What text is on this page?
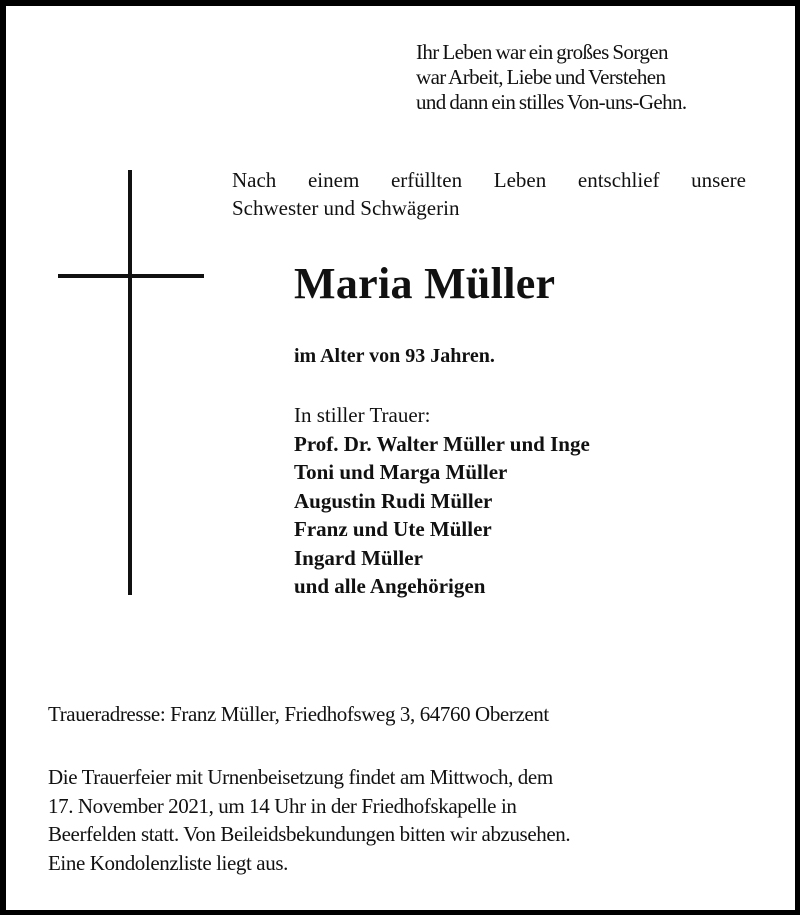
Ihr Leben war ein großes Sorgen
war Arbeit, Liebe und Verstehen
und dann ein stilles Von-uns-Gehn.
Nach einem erfüllten Leben entschlief unsere
Schwester und Schwägerin
Maria Müller
im Alter von 93 Jahren.
In stiller Trauer:
Prof. Dr. Walter Müller und Inge
Toni und Marga Müller
Augustin Rudi Müller
Franz und Ute Müller
Ingard Müller
und alle Angehörigen
Traueradresse: Franz Müller, Friedhofsweg 3, 64760 Oberzent
Die Trauerfeier mit Urnenbeisetzung findet am Mittwoch, dem
17. November 2021, um 14 Uhr in der Friedhofskapelle in
Beerfelden statt. Von Beileidsbekundungen bitten wir abzusehen.
Eine Kondolenzliste liegt aus.
